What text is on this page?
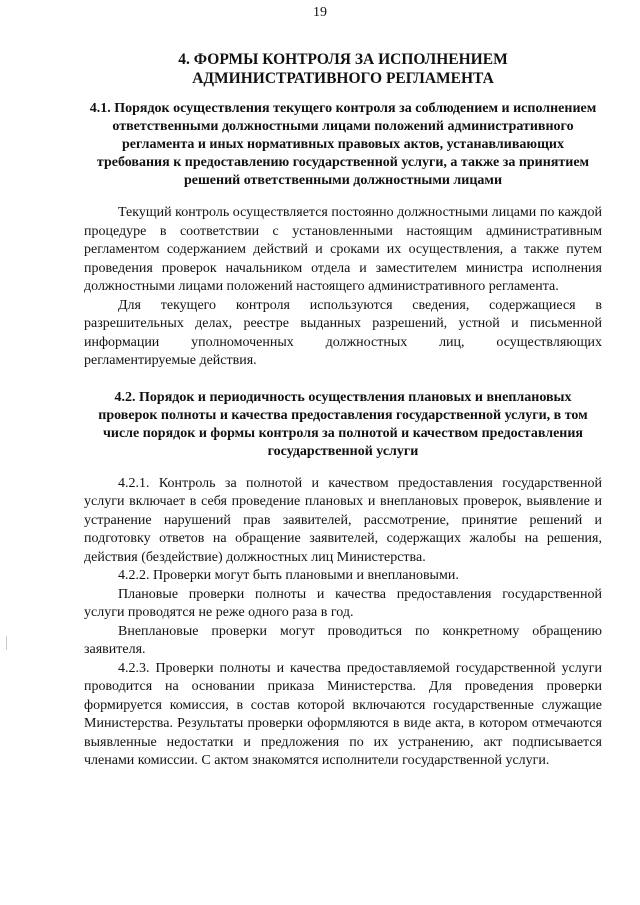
19
4. ФОРМЫ КОНТРОЛЯ ЗА ИСПОЛНЕНИЕМ АДМИНИСТРАТИВНОГО РЕГЛАМЕНТА
4.1. Порядок осуществления текущего контроля за соблюдением и исполнением ответственными должностными лицами положений административного регламента и иных нормативных правовых актов, устанавливающих требования к предоставлению государственной услуги, а также за принятием решений ответственными должностными лицами

Текущий контроль осуществляется постоянно должностными лицами по каждой процедуре в соответствии с установленными настоящим административным регламентом содержанием действий и сроками их осуществления, а также путем проведения проверок начальником отдела и заместителем министра исполнения должностными лицами положений настоящего административного регламента.

Для текущего контроля используются сведения, содержащиеся в разрешительных делах, реестре выданных разрешений, устной и письменной информации уполномоченных должностных лиц, осуществляющих регламентируемые действия.

4.2. Порядок и периодичность осуществления плановых и внеплановых проверок полноты и качества предоставления государственной услуги, в том числе порядок и формы контроля за полнотой и качеством предоставления государственной услуги

4.2.1. Контроль за полнотой и качеством предоставления государственной услуги включает в себя проведение плановых и внеплановых проверок, выявление и устранение нарушений прав заявителей, рассмотрение, принятие решений и подготовку ответов на обращение заявителей, содержащих жалобы на решения, действия (бездействие) должностных лиц Министерства.

4.2.2. Проверки могут быть плановыми и внеплановыми.

Плановые проверки полноты и качества предоставления государственной услуги проводятся не реже одного раза в год.

Внеплановые проверки могут проводиться по конкретному обращению заявителя.

4.2.3. Проверки полноты и качества предоставляемой государственной услуги проводится на основании приказа Министерства. Для проведения проверки формируется комиссия, в состав которой включаются государственные служащие Министерства. Результаты проверки оформляются в виде акта, в котором отмечаются выявленные недостатки и предложения по их устранению, акт подписывается членами комиссии. С актом знакомятся исполнители государственной услуги.
